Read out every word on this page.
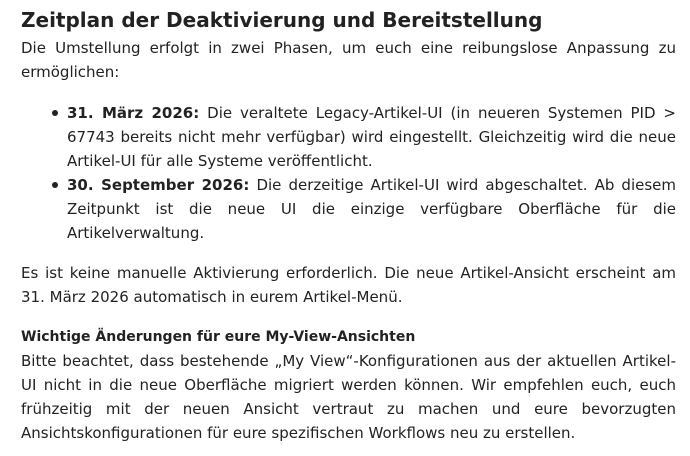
Zeitplan der Deaktivierung und Bereitstellung

Die Umstellung erfolgt in zwei Phasen, um euch eine reibungslose Anpassung zu ermöglichen:

31. März 2026: Die veraltete Legacy-Artikel-UI (in neueren Systemen PID > 67743 bereits nicht mehr verfügbar) wird eingestellt. Gleichzeitig wird die neue Artikel-UI für alle Systeme veröffentlicht.
30. September 2026: Die derzeitige Artikel-UI wird abgeschaltet. Ab diesem Zeitpunkt ist die neue UI die einzige verfügbare Oberfläche für die Artikelverwaltung.

Es ist keine manuelle Aktivierung erforderlich. Die neue Artikel-Ansicht erscheint am 31. März 2026 automatisch in eurem Artikel-Menü.

Wichtige Änderungen für eure My-View-Ansichten

Bitte beachtet, dass bestehende „My View“-Konfigurationen aus der aktuellen Artikel-UI nicht in die neue Oberfläche migriert werden können. Wir empfehlen euch, euch frühzeitig mit der neuen Ansicht vertraut zu machen und eure bevorzugten Ansichtskonfigurationen für eure spezifischen Workflows neu zu erstellen.
